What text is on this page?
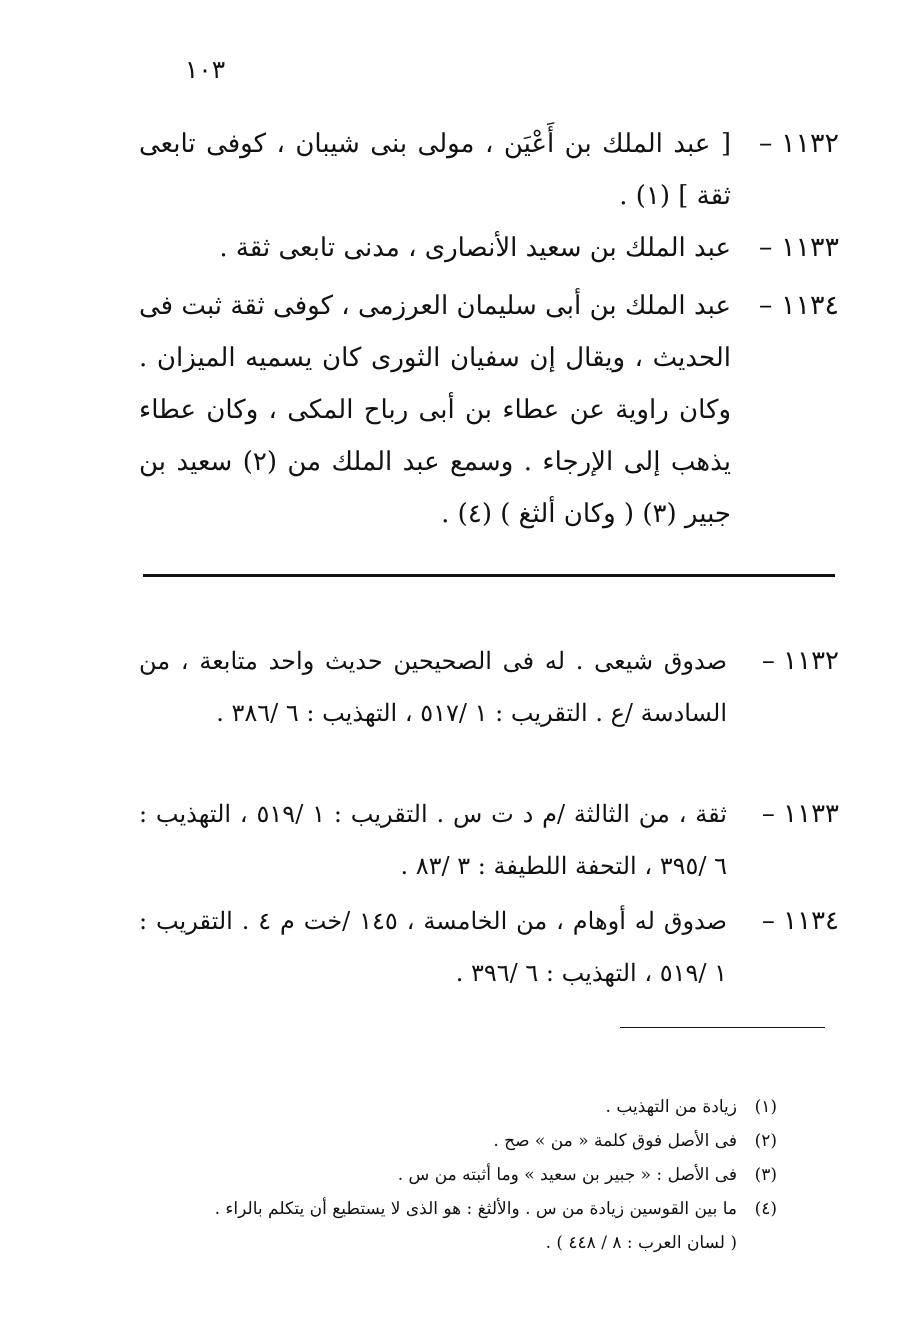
١٠٣
١١٣٢ –
[ عبد الملك بن أَعْيَن ، مولى بنى شيبان ، كوفى تابعى ثقة ] (١) .
١١٣٣ –
عبد الملك بن سعيد الأنصارى ، مدنى تابعى ثقة .
١١٣٤ –
عبد الملك بن أبى سليمان العرزمى ، كوفى ثقة ثبت فى الحديث ، ويقال إن سفيان الثورى كان يسميه الميزان . وكان راوية عن عطاء بن أبى رباح المكى ، وكان عطاء يذهب إلى الإرجاء . وسمع عبد الملك من (٢) سعيد بن جبير (٣) ( وكان ألثغ ) (٤) .
١١٣٢ –
صدوق شيعى . له فى الصحيحين حديث واحد متابعة ، من السادسة /ع . التقريب : ١ /٥١٧ ، التهذيب : ٦ /٣٨٦ .
١١٣٣ –
ثقة ، من الثالثة /م د ت س . التقريب : ١ /٥١٩ ، التهذيب : ٦ /٣٩٥ ، التحفة اللطيفة : ٣ /٨٣ .
١١٣٤ –
صدوق له أوهام ، من الخامسة ، ١٤٥ /خت م ٤ . التقريب : ١ /٥١٩ ، التهذيب : ٦ /٣٩٦ .
(١)
زيادة من التهذيب .
(٢)
فى الأصل فوق كلمة « من » صح .
(٣)
فى الأصل : « جبير بن سعيد » وما أثبته من س .
(٤)
ما بين القوسين زيادة من س . والألثغ : هو الذى لا يستطيع أن يتكلم بالراء .
( لسان العرب : ٨ / ٤٤٨ ) .
